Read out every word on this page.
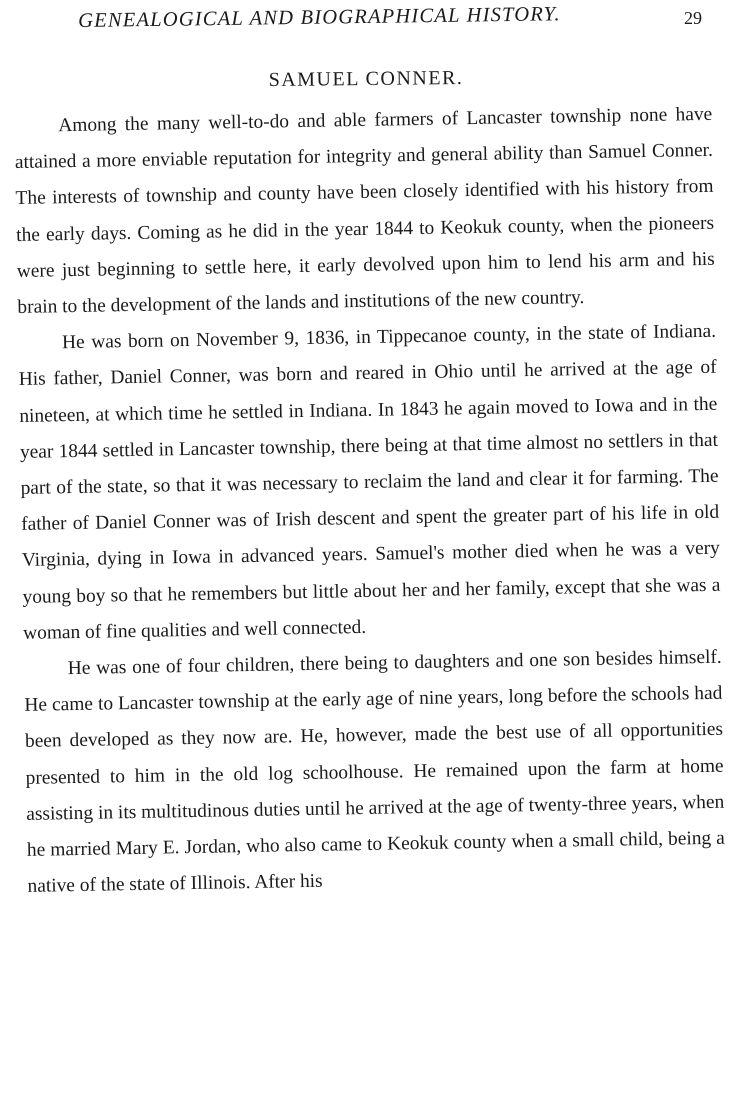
GENEALOGICAL AND BIOGRAPHICAL HISTORY.	29
SAMUEL CONNER.

Among the many well-to-do and able farmers of Lancaster township none have attained a more enviable reputation for integrity and general ability than Samuel Conner. The interests of township and county have been closely identified with his history from the early days. Coming as he did in the year 1844 to Keokuk county, when the pioneers were just beginning to settle here, it early devolved upon him to lend his arm and his brain to the development of the lands and institutions of the new country.

He was born on November 9, 1836, in Tippecanoe county, in the state of Indiana. His father, Daniel Conner, was born and reared in Ohio until he arrived at the age of nineteen, at which time he settled in Indiana. In 1843 he again moved to Iowa and in the year 1844 settled in Lancaster township, there being at that time almost no settlers in that part of the state, so that it was necessary to reclaim the land and clear it for farming. The father of Daniel Conner was of Irish descent and spent the greater part of his life in old Virginia, dying in Iowa in advanced years. Samuel's mother died when he was a very young boy so that he remembers but little about her and her family, except that she was a woman of fine qualities and well connected.

He was one of four children, there being to daughters and one son besides himself. He came to Lancaster township at the early age of nine years, long before the schools had been developed as they now are. He, however, made the best use of all opportunities presented to him in the old log schoolhouse. He remained upon the farm at home assisting in its multitudinous duties until he arrived at the age of twenty-three years, when he married Mary E. Jordan, who also came to Keokuk county when a small child, being a native of the state of Illinois. After his
